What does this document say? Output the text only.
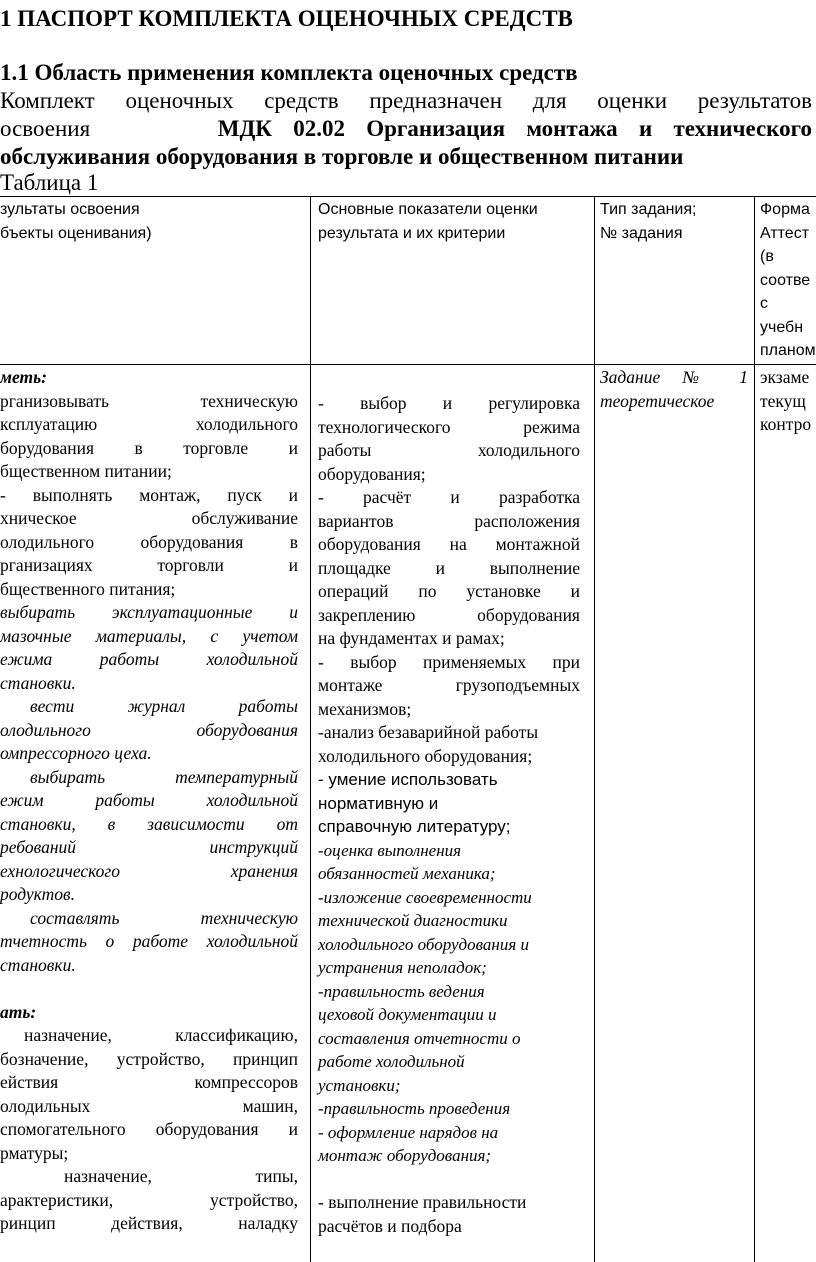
1 ПАСПОРТ КОМПЛЕКТА ОЦЕНОЧНЫХ СРЕДСТВ
1.1 Область применения комплекта оценочных средств
Комплект оценочных средств предназначен для оценки результатов
освоения	МДК 02.02 Организация монтажа и технического
обслуживания оборудования в торговле и общественном питании
Таблица 1
зультаты освоения
бъекты оценивания)
Основные показатели оценки
результата и их критерии
Тип задания;
№ задания
Форма
Аттест
(в
соотве
с
учебн
планом
меть:
рганизовывать техническую
ксплуатацию холодильного
борудования в торговле и
бщественном питании;
- выполнять монтаж, пуск и
хническое обслуживание
олодильного оборудования в
рганизациях торговли и
бщественного питания;
выбирать эксплуатационные и
мазочные материалы, с учетом
ежима работы холодильной
становки.
вести журнал работы
олодильного оборудования
омпрессорного цеха.
выбирать температурный
ежим работы холодильной
становки, в зависимости от
ребований инструкций
ехнологического хранения
родуктов.
составлять техническую
тчетность о работе холодильной
становки.
ать:
назначение, классификацию,
бозначение, устройство, принцип
ействия компрессоров
олодильных машин,
спомогательного оборудования и
рматуры;
назначение, типы,
арактеристики, устройство,
ринцип действия, наладку
- выбор и регулировка
технологического режима
работы холодильного
оборудования;
- расчёт и разработка
вариантов расположения
оборудования на монтажной
площадке и выполнение
операций по установке и
закреплению оборудования
на фундаментах и рамах;
- выбор применяемых при
монтаже грузоподъемных
механизмов;
-анализ безаварийной работы
холодильного оборудования;
- умение использовать
нормативную и
справочную литературу;
-оценка выполнения
обязанностей механика;
-изложение своевременности
технической диагностики
холодильного оборудования и
устранения неполадок;
-правильность ведения
цеховой документации и
составления отчетности о
работе холодильной
установки;
-правильность проведения
- оформление нарядов на
монтаж оборудования;
- выполнение правильности
расчётов и подбора
Задание № 1
теоретическое
экзаме
текущ
контро
